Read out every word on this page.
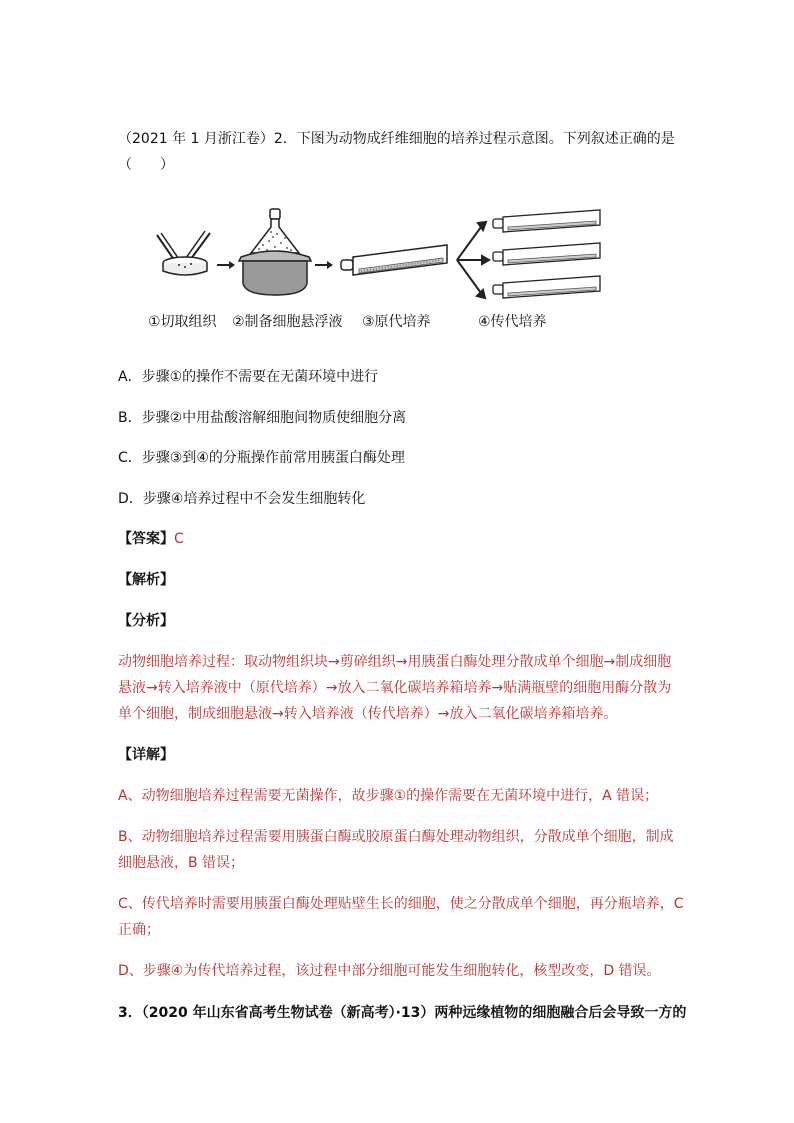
（2021 年 1 月浙江卷）2．下图为动物成纤维细胞的培养过程示意图。下列叙述正确的是
（　　）
①切取组织 ②制备细胞悬浮液 ③原代培养	④传代培养
A．步骤①的操作不需要在无菌环境中进行
B．步骤②中用盐酸溶解细胞间物质使细胞分离
C．步骤③到④的分瓶操作前常用胰蛋白酶处理
D．步骤④培养过程中不会发生细胞转化
【答案】C
【解析】
【分析】
动物细胞培养过程：取动物组织块→剪碎组织→用胰蛋白酶处理分散成单个细胞→制成细胞
悬液→转入培养液中（原代培养）→放入二氧化碳培养箱培养→贴满瓶壁的细胞用酶分散为
单个细胞，制成细胞悬液→转入培养液（传代培养）→放入二氧化碳培养箱培养。
【详解】
A、动物细胞培养过程需要无菌操作，故步骤①的操作需要在无菌环境中进行，A 错误；
B、动物细胞培养过程需要用胰蛋白酶或胶原蛋白酶处理动物组织，分散成单个细胞，制成
细胞悬液，B 错误；
C、传代培养时需要用胰蛋白酶处理贴壁生长的细胞，使之分散成单个细胞，再分瓶培养，C
正确；
D、步骤④为传代培养过程，该过程中部分细胞可能发生细胞转化，核型改变，D 错误。
3．（2020 年山东省高考生物试卷（新高考）·13）两种远缘植物的细胞融合后会导致一方的
